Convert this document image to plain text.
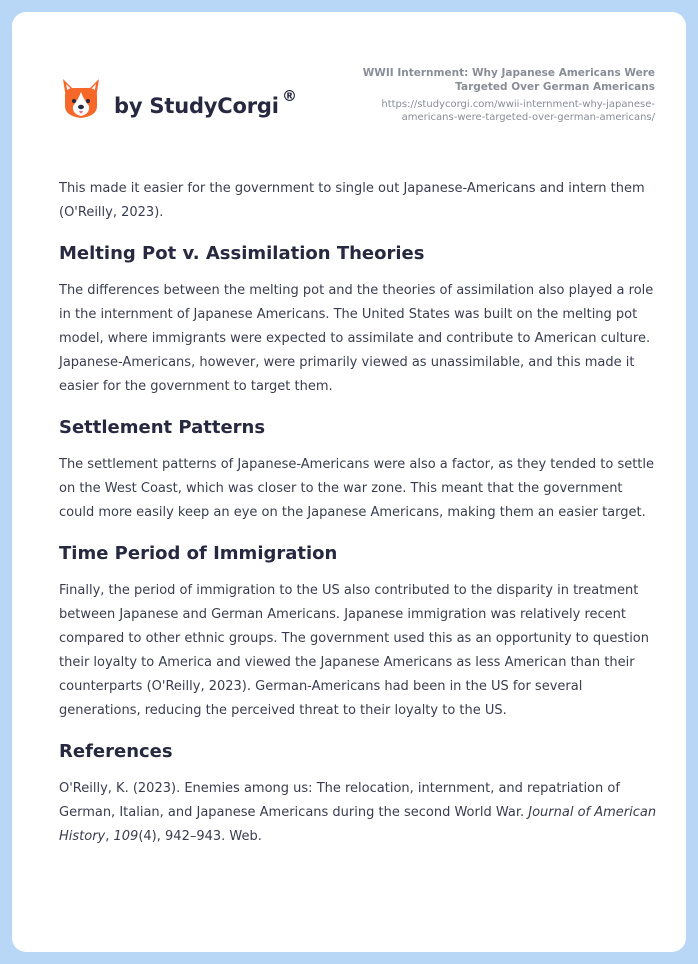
by StudyCorgi ®
WWII Internment: Why Japanese Americans Were Targeted Over German Americans
https://studycorgi.com/wwii-internment-why-japanese-americans-were-targeted-over-german-americans/

This made it easier for the government to single out Japanese-Americans and intern them (O'Reilly, 2023).

Melting Pot v. Assimilation Theories

The differences between the melting pot and the theories of assimilation also played a role in the internment of Japanese Americans. The United States was built on the melting pot model, where immigrants were expected to assimilate and contribute to American culture. Japanese-Americans, however, were primarily viewed as unassimilable, and this made it easier for the government to target them.

Settlement Patterns

The settlement patterns of Japanese-Americans were also a factor, as they tended to settle on the West Coast, which was closer to the war zone. This meant that the government could more easily keep an eye on the Japanese Americans, making them an easier target.

Time Period of Immigration

Finally, the period of immigration to the US also contributed to the disparity in treatment between Japanese and German Americans. Japanese immigration was relatively recent compared to other ethnic groups. The government used this as an opportunity to question their loyalty to America and viewed the Japanese Americans as less American than their counterparts (O'Reilly, 2023). German-Americans had been in the US for several generations, reducing the perceived threat to their loyalty to the US.

References

O'Reilly, K. (2023). Enemies among us: The relocation, internment, and repatriation of German, Italian, and Japanese Americans during the second World War. Journal of American History, 109(4), 942–943. Web.
